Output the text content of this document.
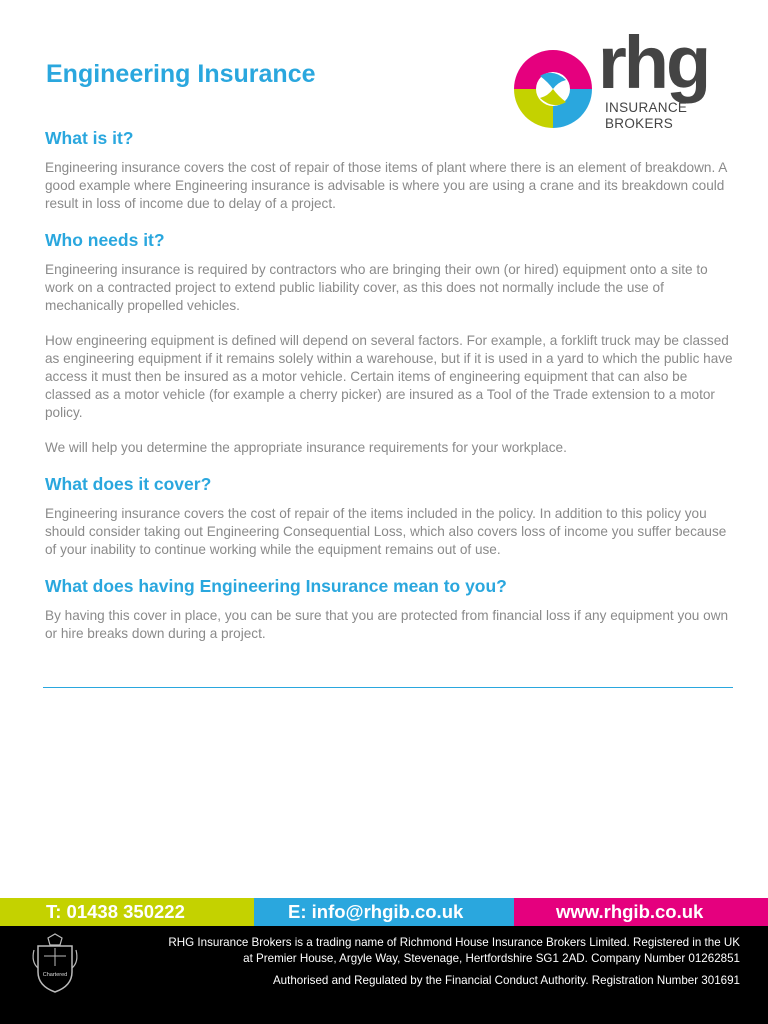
Engineering Insurance	rhg
INSURANCE
BROKERS
What is it?

Engineering insurance covers the cost of repair of those items of plant where there is an element of breakdown. A good example where Engineering insurance is advisable is where you are using a crane and its breakdown could result in loss of income due to delay of a project.

Who needs it?

Engineering insurance is required by contractors who are bringing their own (or hired) equipment onto a site to work on a contracted project to extend public liability cover, as this does not normally include the use of mechanically propelled vehicles.

How engineering equipment is defined will depend on several factors. For example, a forklift truck may be classed as engineering equipment if it remains solely within a warehouse, but if it is used in a yard to which the public have access it must then be insured as a motor vehicle. Certain items of engineering equipment that can also be classed as a motor vehicle (for example a cherry picker) are insured as a Tool of the Trade extension to a motor policy.

We will help you determine the appropriate insurance requirements for your workplace.

What does it cover?

Engineering insurance covers the cost of repair of the items included in the policy. In addition to this policy you should consider taking out Engineering Consequential Loss, which also covers loss of income you suffer because of your inability to continue working while the equipment remains out of use.

What does having Engineering Insurance mean to you?

By having this cover in place, you can be sure that you are protected from financial loss if any equipment you own or hire breaks down during a project.

T: 01438 350222	E: info@rhgib.co.uk	www.rhgib.co.uk
Chartered
RHG Insurance Brokers is a trading name of Richmond House Insurance Brokers Limited. Registered in the UK
at Premier House, Argyle Way, Stevenage, Hertfordshire SG1 2AD. Company Number 01262851
Authorised and Regulated by the Financial Conduct Authority. Registration Number 301691
